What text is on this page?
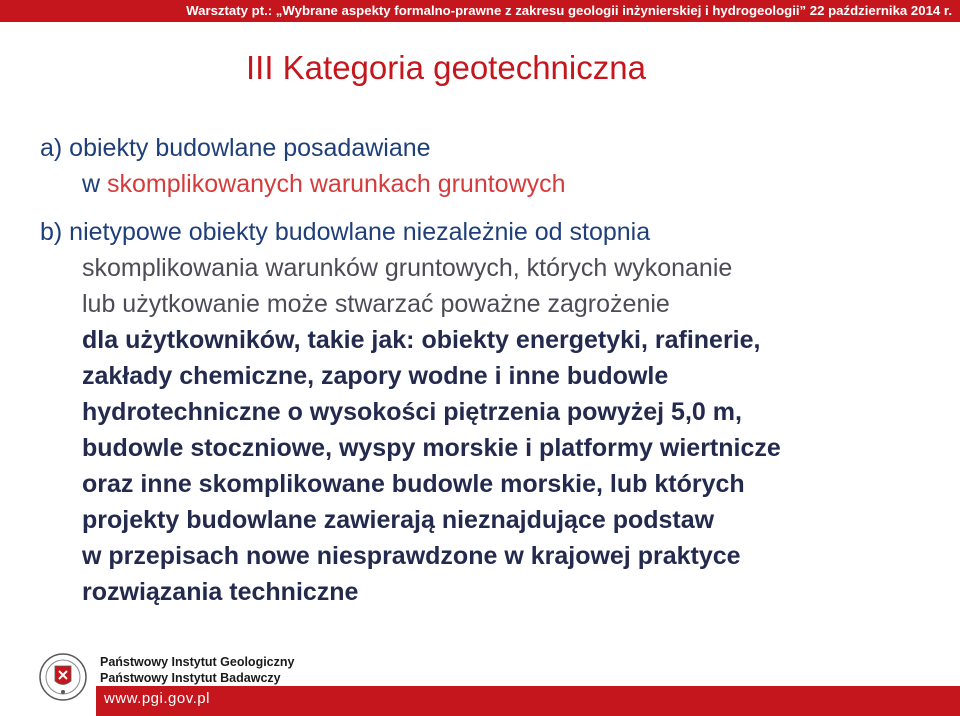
Warsztaty pt.: „Wybrane aspekty formalno-prawne z zakresu geologii inżynierskiej i hydrogeologii” 22 października 2014 r.
III Kategoria geotechniczna
a) obiekty budowlane posadawiane
w skomplikowanych warunkach gruntowych
b) nietypowe obiekty budowlane niezależnie od stopnia
skomplikowania warunków gruntowych, których wykonanie
lub użytkowanie może stwarzać poważne zagrożenie
dla użytkowników, takie jak: obiekty energetyki, rafinerie,
zakłady chemiczne, zapory wodne i inne budowle
hydrotechniczne o wysokości piętrzenia powyżej 5,0 m,
budowle stoczniowe, wyspy morskie i platformy wiertnicze
oraz inne skomplikowane budowle morskie, lub których
projekty budowlane zawierają nieznajdujące podstaw
w przepisach nowe niesprawdzone w krajowej praktyce
rozwiązania techniczne
Państwowy Instytut Geologiczny
Państwowy Instytut Badawczy
www.pgi.gov.pl
